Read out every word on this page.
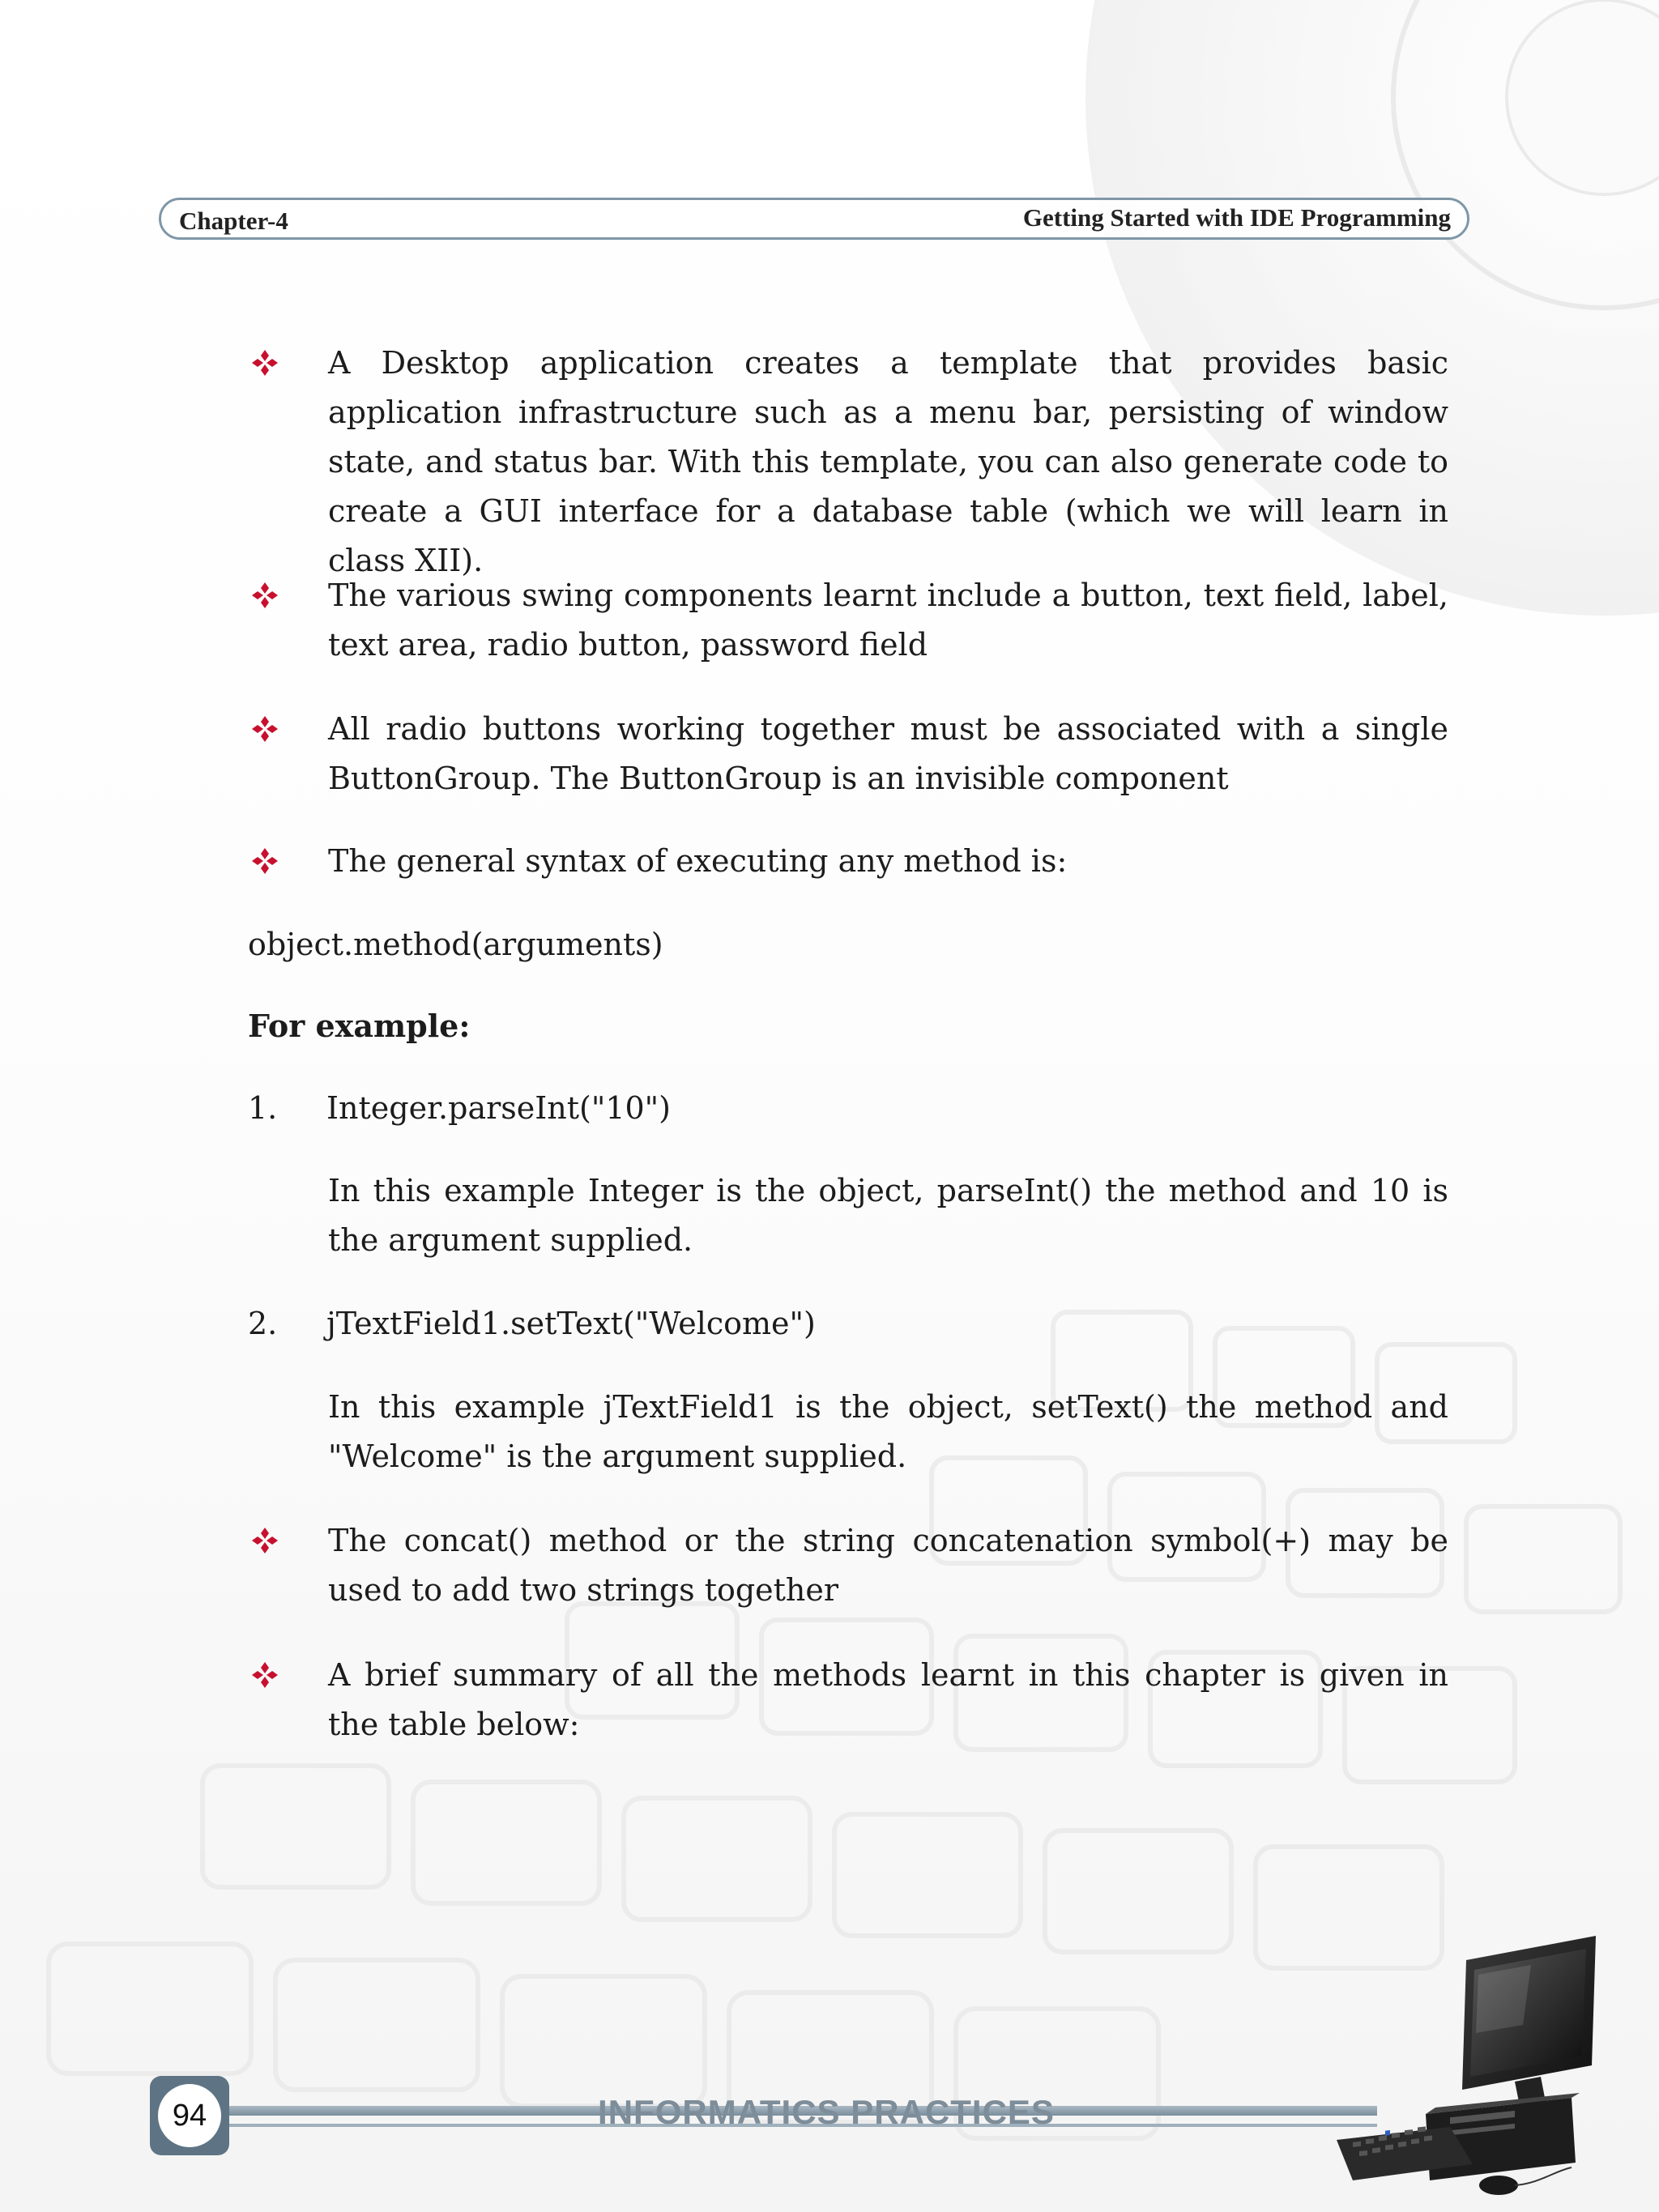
Chapter-4	Getting Started with IDE Programming

A Desktop application creates a template that provides basic application infrastructure such as a menu bar, persisting of window state, and status bar. With this template, you can also generate code to create a GUI interface for a database table (which we will learn in class XII).

The various swing components learnt include a button, text field, label, text area, radio button, password field

All radio buttons working together must be associated with a single ButtonGroup. The ButtonGroup is an invisible component

The general syntax of executing any method is:

object.method(arguments)
For example:
1. Integer.parseInt("10")

In this example Integer is the object, parseInt() the method and 10 is the argument supplied.

2. jTextField1.setText("Welcome")

In this example jTextField1 is the object, setText() the method and "Welcome" is the argument supplied.

The concat() method or the string concatenation symbol(+) may be used to add two strings together

A brief summary of all the methods learnt in this chapter is given in the table below:

94	INFORMATICS PRACTICES
